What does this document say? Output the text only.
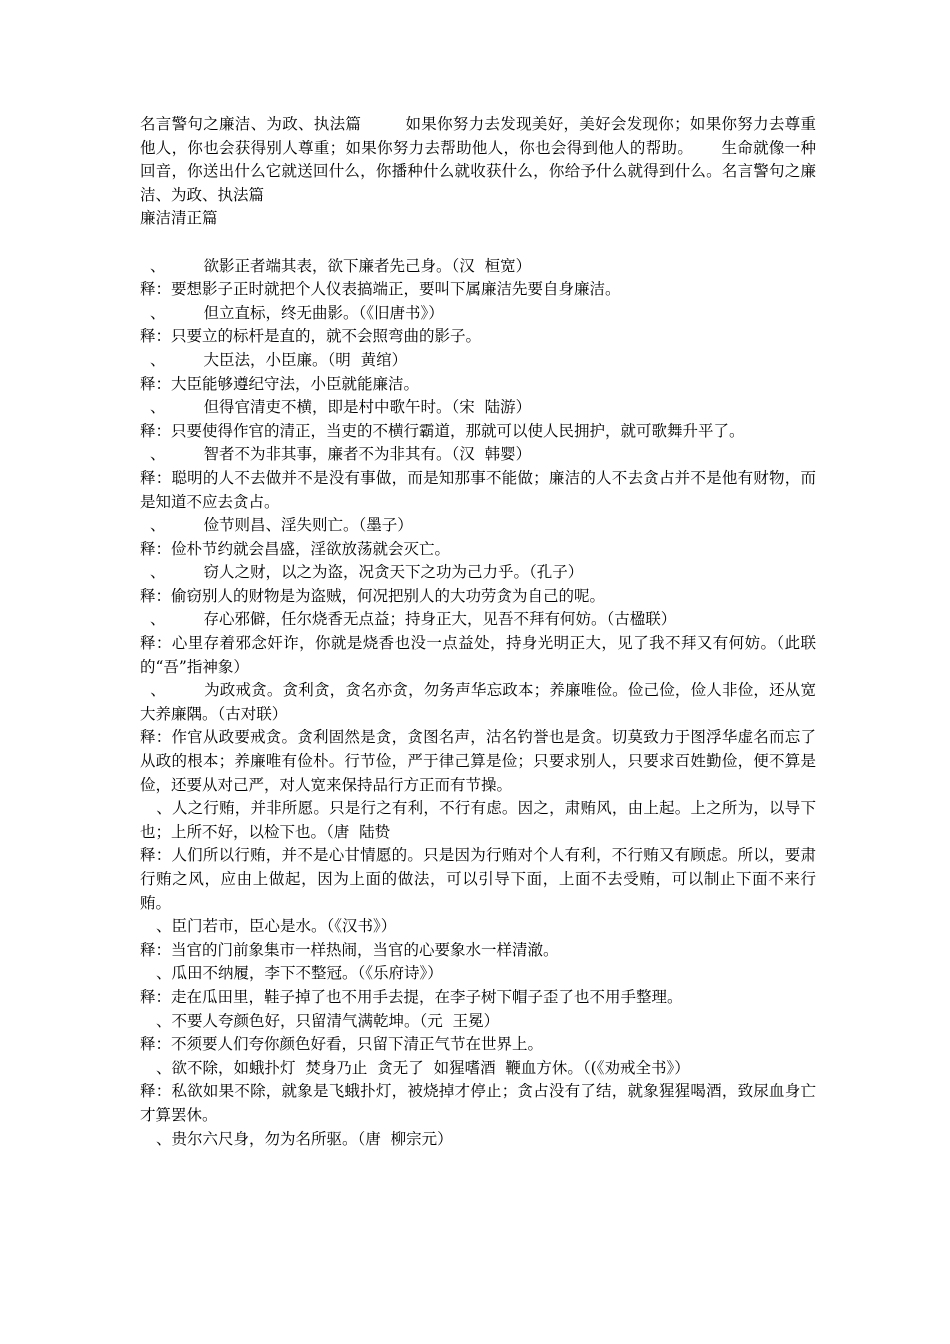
名言警句之廉洁、为政、执法篇	如果你努力去发现美好，美好会发现你；如果你努力去尊重他人，你也会获得别人尊重；如果你努力去帮助他人，你也会得到他人的帮助。 生命就像一种回音，你送出什么它就送回什么，你播种什么就收获什么，你给予什么就得到什么。名言警句之廉洁、为政、执法篇

廉洁清正篇

、 欲影正者端其表，欲下廉者先己身。（汉  桓宽）

释：要想影子正时就把个人仪表搞端正，要叫下属廉洁先要自身廉洁。

、 但立直标，终无曲影。（《旧唐书》）

释：只要立的标杆是直的，就不会照弯曲的影子。

、 大臣法，小臣廉。（明  黄绾）

释：大臣能够遵纪守法，小臣就能廉洁。

、 但得官清吏不横，即是村中歌午时。（宋  陆游）

释：只要使得作官的清正，当吏的不横行霸道，那就可以使人民拥护，就可歌舞升平了。

、 智者不为非其事，廉者不为非其有。（汉  韩婴）

释：聪明的人不去做并不是没有事做，而是知那事不能做；廉洁的人不去贪占并不是他有财物，而是知道不应去贪占。

、 俭节则昌、淫失则亡。（墨子）

释：俭朴节约就会昌盛，淫欲放荡就会灭亡。

、 窃人之财，以之为盗，况贪天下之功为己力乎。（孔子）

释：偷窃别人的财物是为盗贼，何况把别人的大功劳贪为自己的呢。

、 存心邪僻，任尔烧香无点益；持身正大，见吾不拜有何妨。（古楹联）

释：心里存着邪念奸诈，你就是烧香也没一点益处，持身光明正大，见了我不拜又有何妨。（此联的“吾”指神象）

、 为政戒贪。贪利贪，贪名亦贪，勿务声华忘政本；养廉唯俭。俭己俭，俭人非俭，还从宽大养廉隅。（古对联）

释：作官从政要戒贪。贪利固然是贪，贪图名声，沽名钓誉也是贪。切莫致力于图浮华虚名而忘了从政的根本；养廉唯有俭朴。行节俭，严于律己算是俭；只要求别人，只要求百姓勤俭，便不算是俭，还要从对己严，对人宽来保持品行方正而有节操。

、人之行贿，并非所愿。只是行之有利，不行有虑。因之，肃贿风，由上起。上之所为，以导下也；上所不好，以检下也。（唐  陆贽

释：人们所以行贿，并不是心甘情愿的。只是因为行贿对个人有利，不行贿又有顾虑。所以，要肃行贿之风，应由上做起，因为上面的做法，可以引导下面，上面不去受贿，可以制止下面不来行贿。

、臣门若市，臣心是水。（《汉书》）

释：当官的门前象集市一样热闹，当官的心要象水一样清澈。

、瓜田不纳履，李下不整冠。（《乐府诗》）

释：走在瓜田里，鞋子掉了也不用手去提，在李子树下帽子歪了也不用手整理。

、不要人夸颜色好，只留清气满乾坤。（元  王冕）

释：不须要人们夸你颜色好看，只留下清正气节在世界上。

、欲不除，如蛾扑灯  焚身乃止  贪无了  如猩嗜酒  鞭血方休。（(《劝戒全书》）

释：私欲如果不除，就象是飞蛾扑灯，被烧掉才停止；贪占没有了结，就象猩猩喝酒，致尿血身亡才算罢休。

、贵尔六尺身，勿为名所驱。（唐  柳宗元）
